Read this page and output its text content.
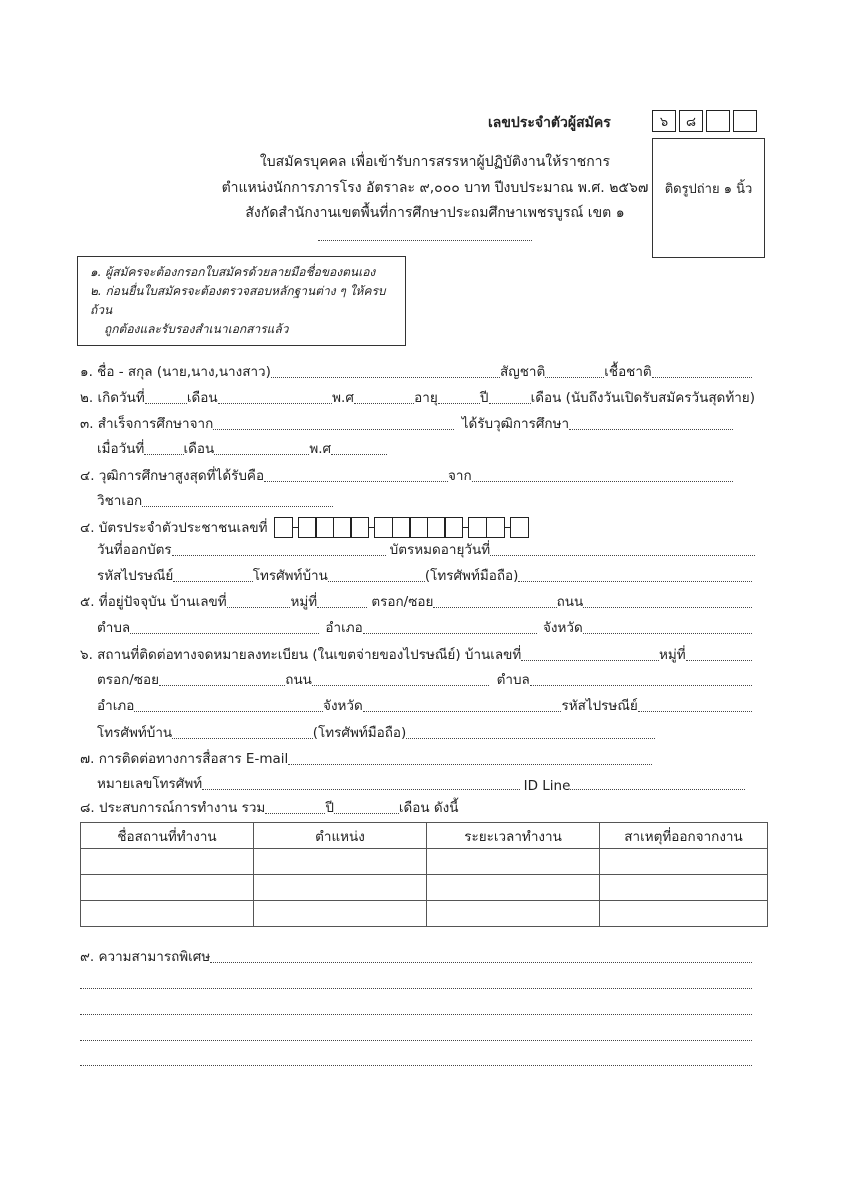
เลขประจำตัวผู้สมัคร	๖	๘
ติดรูปถ่าย ๑ นิ้ว
ใบสมัครบุคคล เพื่อเข้ารับการสรรหาผู้ปฏิบัติงานให้ราชการ
ตำแหน่งนักการภารโรง อัตราละ ๙,๐๐๐ บาท ปีงบประมาณ พ.ศ. ๒๕๖๗
สังกัดสำนักงานเขตพื้นที่การศึกษาประถมศึกษาเพชรบูรณ์ เขต ๑
๑. ผู้สมัครจะต้องกรอกใบสมัครด้วยลายมือชื่อของตนเอง
๒. ก่อนยื่นใบสมัครจะต้องตรวจสอบหลักฐานต่าง ๆ ให้ครบถ้วน
ถูกต้องและรับรองสำเนาเอกสารแล้ว
๑. ชื่อ - สกุล (นาย,นาง,นางสาว)	สัญชาติ	เชื้อชาติ
๒. เกิดวันที่	เดือน	พ.ศ	อายุ	ปี	เดือน (นับถึงวันเปิดรับสมัครวันสุดท้าย)
๓. สำเร็จการศึกษาจาก	ได้รับวุฒิการศึกษา
เมื่อวันที่	เดือน	พ.ศ
๔. วุฒิการศึกษาสูงสุดที่ได้รับคือ	จาก
วิชาเอก
๔. บัตรประจำตัวประชาชนเลขที่
วันที่ออกบัตร	บัตรหมดอายุวันที่
รหัสไปรษณีย์	โทรศัพท์บ้าน	(โทรศัพท์มือถือ)
๕. ที่อยู่ปัจจุบัน บ้านเลขที่	หมู่ที่	ตรอก/ซอย	ถนน
ตำบล	อำเภอ	จังหวัด
๖. สถานที่ติดต่อทางจดหมายลงทะเบียน (ในเขตจ่ายของไปรษณีย์) บ้านเลขที่	หมู่ที่
ตรอก/ซอย	ถนน	ตำบล
อำเภอ	จังหวัด	รหัสไปรษณีย์
โทรศัพท์บ้าน	(โทรศัพท์มือถือ)
๗. การติดต่อทางการสื่อสาร E-mail
หมายเลขโทรศัพท์	ID Line
๘. ประสบการณ์การทำงาน รวม	ปี	เดือน ดังนี้
ชื่อสถานที่ทำงาน	ตำแหน่ง	ระยะเวลาทำงาน	สาเหตุที่ออกจากงาน

๙. ความสามารถพิเศษ
